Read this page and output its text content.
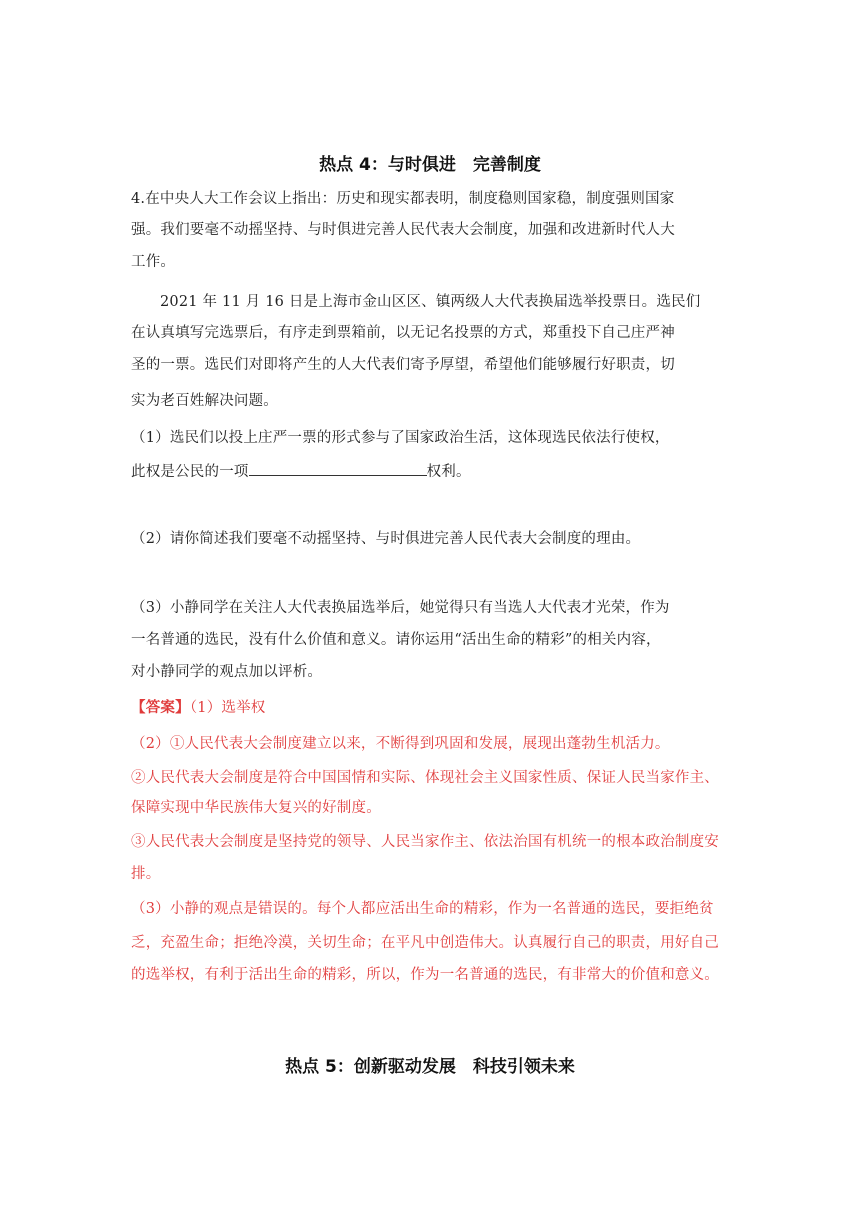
热点 4：与时俱进　完善制度
4.在中央人大工作会议上指出：历史和现实都表明，制度稳则国家稳，制度强则国家
强。我们要毫不动摇坚持、与时俱进完善人民代表大会制度，加强和改进新时代人大
工作。
2021 年 11 月 16 日是上海市金山区区、镇两级人大代表换届选举投票日。选民们
在认真填写完选票后，有序走到票箱前，以无记名投票的方式，郑重投下自己庄严神
圣的一票。选民们对即将产生的人大代表们寄予厚望，希望他们能够履行好职责，切
实为老百姓解决问题。
（1）选民们以投上庄严一票的形式参与了国家政治生活，这体现选民依法行使权，
此权是公民的一项	权利。
（2）请你简述我们要毫不动摇坚持、与时俱进完善人民代表大会制度的理由。
（3）小静同学在关注人大代表换届选举后，她觉得只有当选人大代表才光荣，作为
一名普通的选民，没有什么价值和意义。请你运用“活出生命的精彩”的相关内容，
对小静同学的观点加以评析。
【答案】（1）选举权
（2）①人民代表大会制度建立以来，不断得到巩固和发展，展现出蓬勃生机活力。
②人民代表大会制度是符合中国国情和实际、体现社会主义国家性质、保证人民当家作主、
保障实现中华民族伟大复兴的好制度。
③人民代表大会制度是坚持党的领导、人民当家作主、依法治国有机统一的根本政治制度安
排。
（3）小静的观点是错误的。每个人都应活出生命的精彩，作为一名普通的选民，要拒绝贫
乏，充盈生命；拒绝冷漠，关切生命；在平凡中创造伟大。认真履行自己的职责，用好自己
的选举权，有利于活出生命的精彩，所以，作为一名普通的选民，有非常大的价值和意义。
热点 5：创新驱动发展　科技引领未来
